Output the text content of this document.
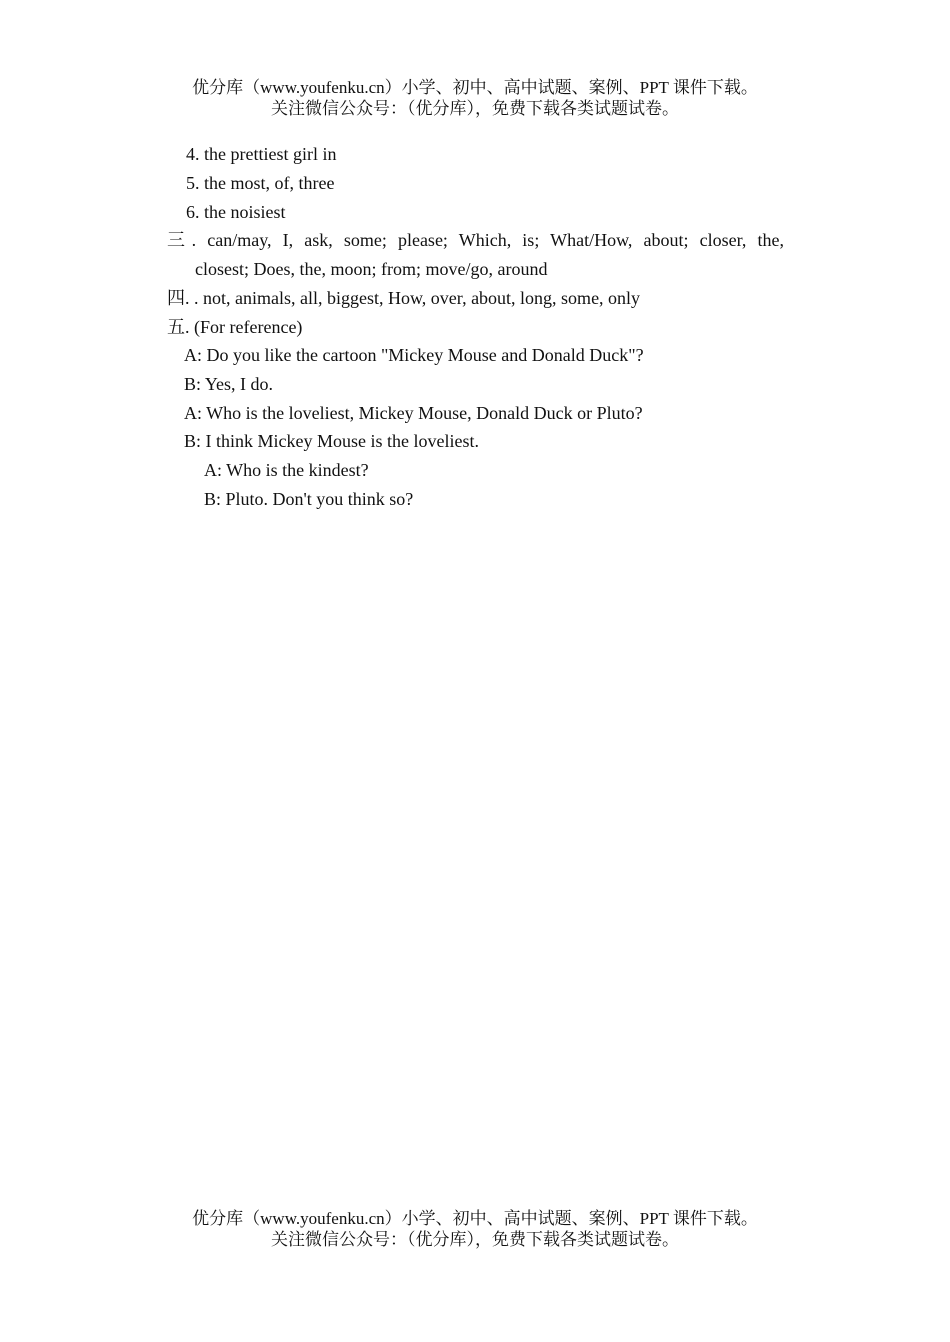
优分库（www.youfenku.cn）小学、初中、高中试题、案例、PPT 课件下载。
关注微信公众号：（优分库），免费下载各类试题试卷。
4. the prettiest girl in
5. the most, of, three
6. the noisiest
三. can/may, I, ask, some; please; Which, is; What/How, about; closer, the,
closest; Does, the, moon; from; move/go, around
四. . not, animals, all, biggest, How, over, about, long, some, only
五. (For reference)
A: Do you like the cartoon "Mickey Mouse and Donald Duck"?
B: Yes, I do.
A: Who is the loveliest, Mickey Mouse, Donald Duck or Pluto?
B: I think Mickey Mouse is the loveliest.
A: Who is the kindest?
B: Pluto. Don't you think so?
优分库（www.youfenku.cn）小学、初中、高中试题、案例、PPT 课件下载。
关注微信公众号：（优分库），免费下载各类试题试卷。
